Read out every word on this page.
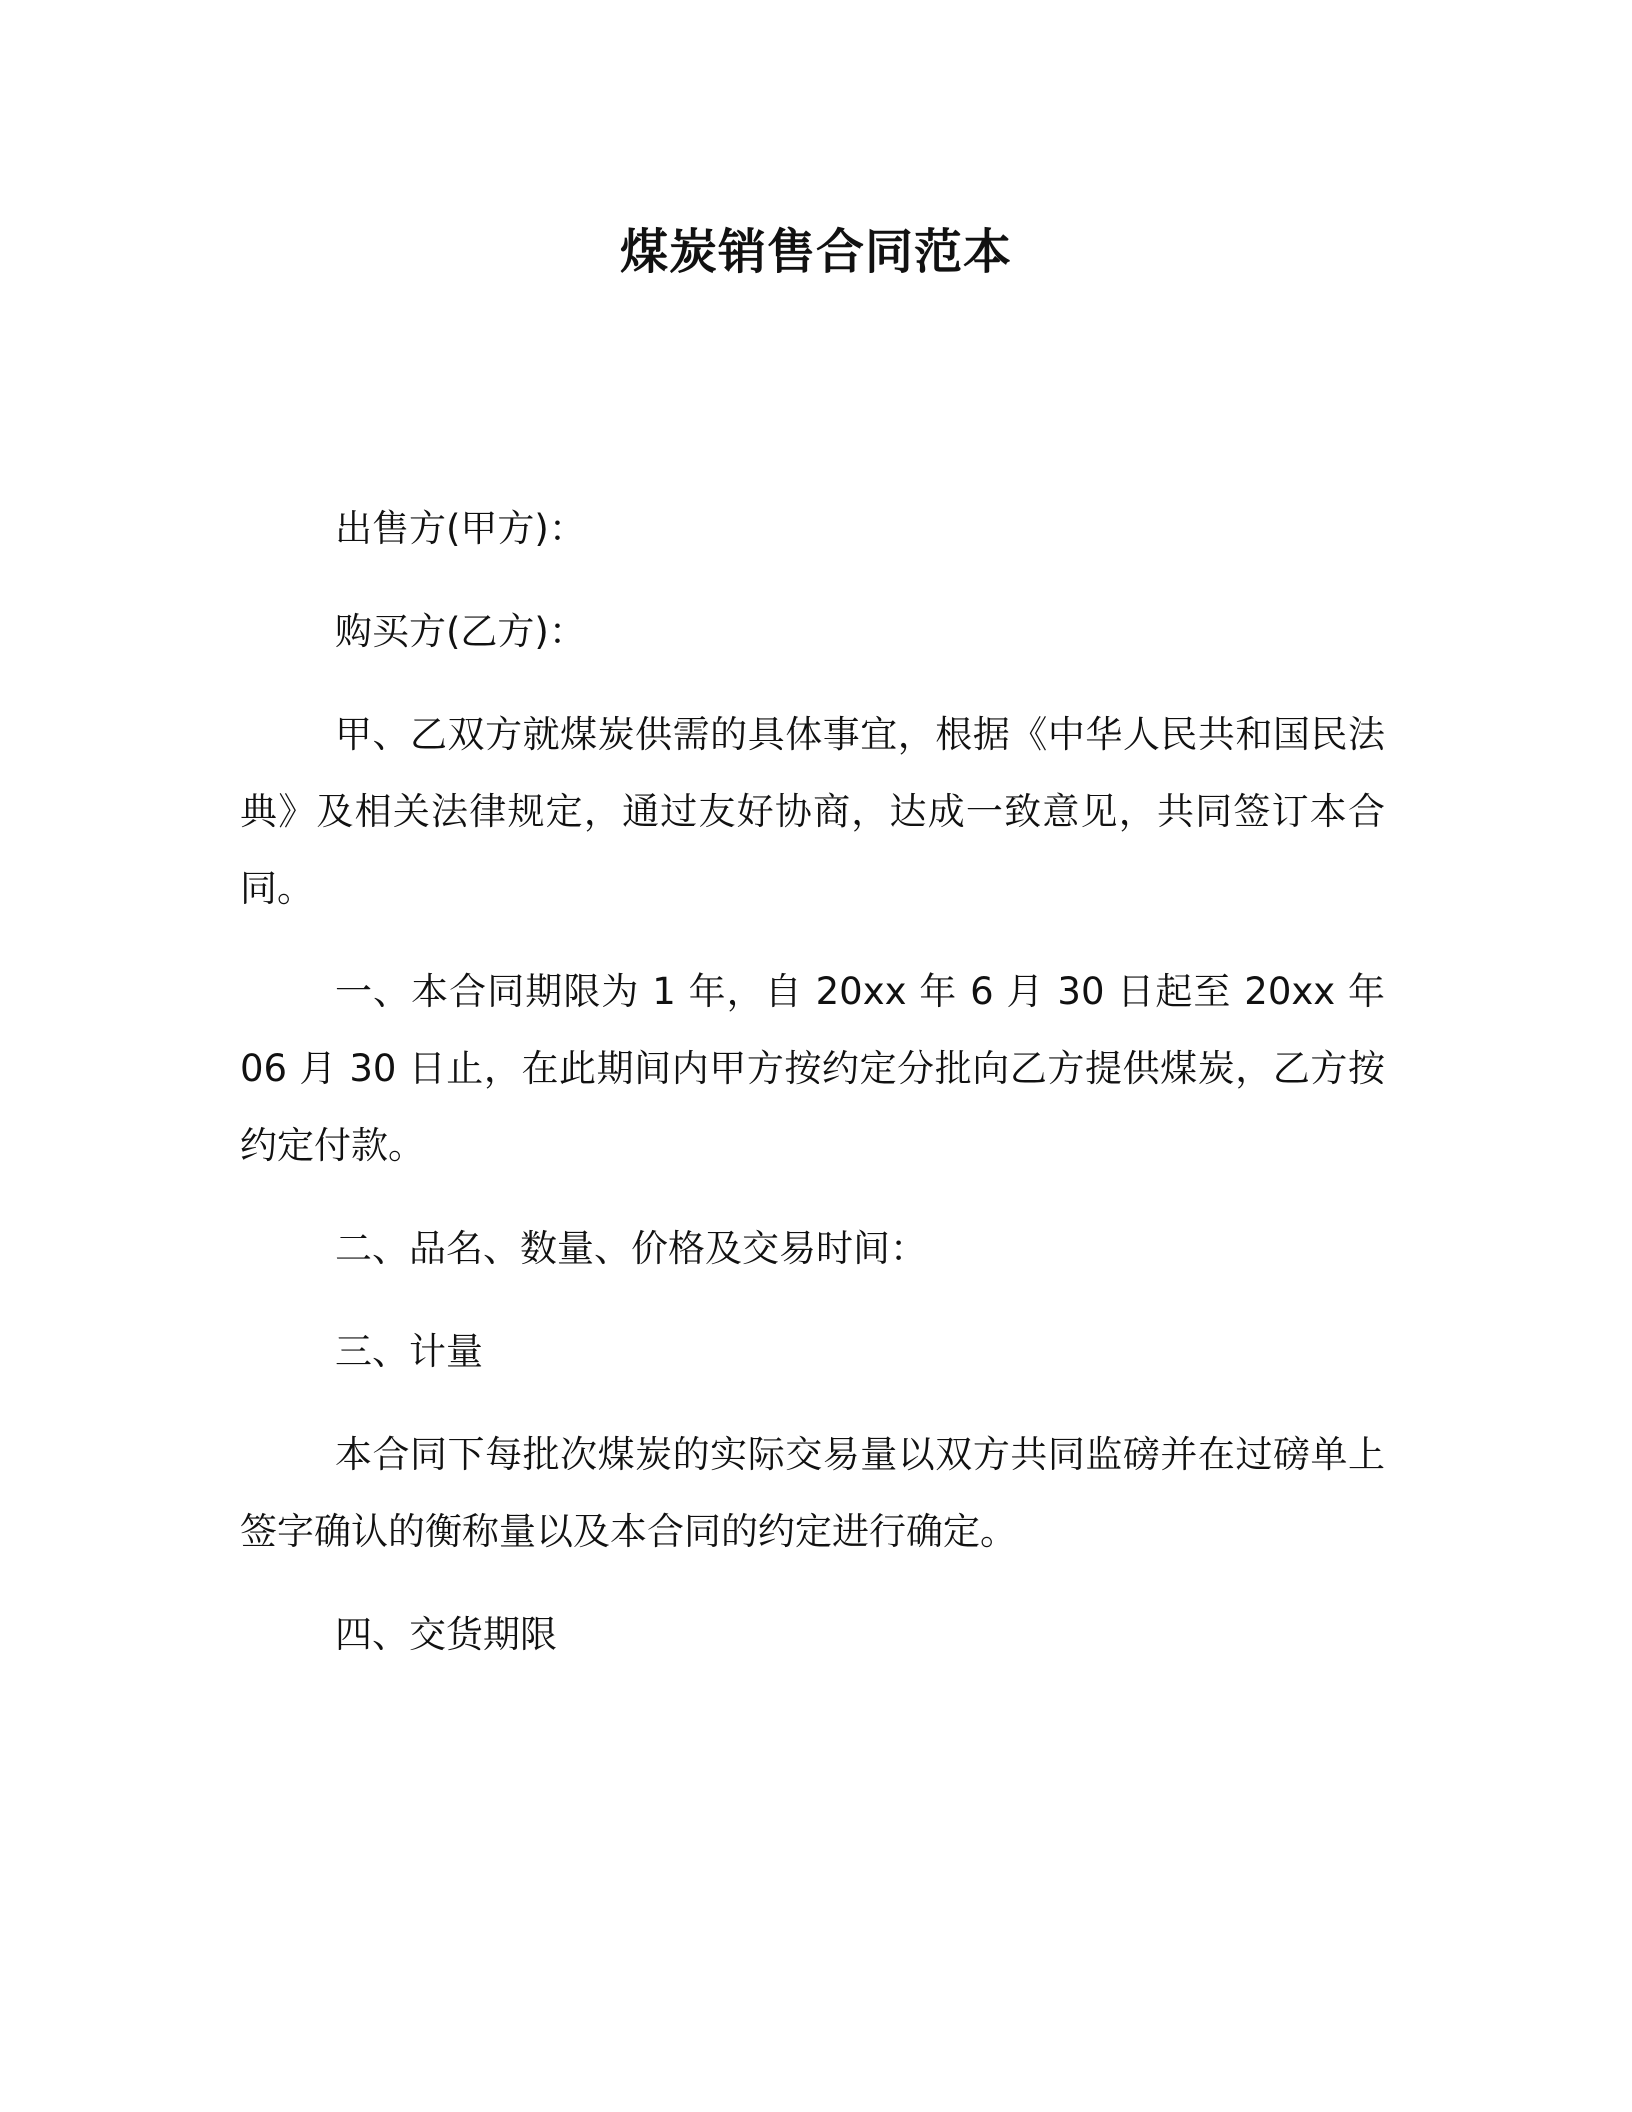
煤炭销售合同范本

出售方(甲方)：

购买方(乙方)：

甲、乙双方就煤炭供需的具体事宜，根据《中华人民共和国民法典》及相关法律规定，通过友好协商，达成一致意见，共同签订本合同。

一、本合同期限为 1 年，自 20xx 年 6 月 30 日起至 20xx 年 06 月 30 日止，在此期间内甲方按约定分批向乙方提供煤炭，乙方按约定付款。

二、品名、数量、价格及交易时间：

三、计量

本合同下每批次煤炭的实际交易量以双方共同监磅并在过磅单上签字确认的衡称量以及本合同的约定进行确定。

四、交货期限
